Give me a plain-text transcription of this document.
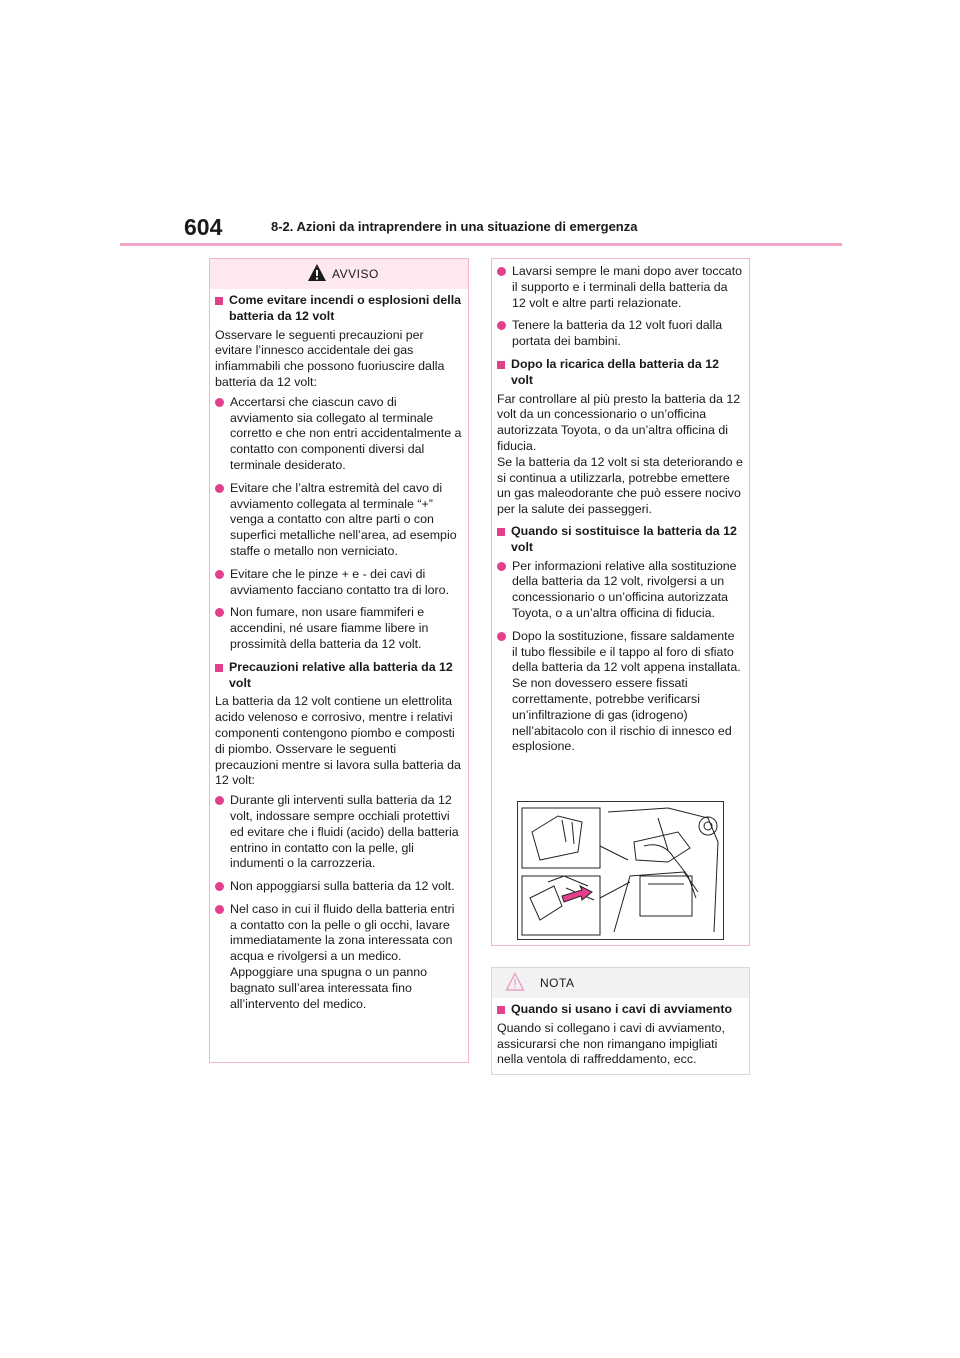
604	8-2. Azioni da intraprendere in una situazione di emergenza
AVVISO
Come evitare incendi o esplosioni della batteria da 12 volt

Osservare le seguenti precauzioni per evitare l’innesco accidentale dei gas infiammabili che possono fuoriuscire dalla batteria da 12 volt:

Accertarsi che ciascun cavo di avviamento sia collegato al terminale corretto e che non entri accidentalmente a contatto con componenti diversi dal terminale desiderato.
Evitare che l’altra estremità del cavo di avviamento collegata al terminale “+” venga a contatto con altre parti o con superfici metalliche nell’area, ad esempio staffe o metallo non verniciato.
Evitare che le pinze + e - dei cavi di avviamento facciano contatto tra di loro.
Non fumare, non usare fiammiferi e accendini, né usare fiamme libere in prossimità della batteria da 12 volt.
Precauzioni relative alla batteria da 12 volt

La batteria da 12 volt contiene un elettrolita acido velenoso e corrosivo, mentre i relativi componenti contengono piombo e composti di piombo. Osservare le seguenti precauzioni mentre si lavora sulla batteria da 12 volt:

Durante gli interventi sulla batteria da 12 volt, indossare sempre occhiali protettivi ed evitare che i fluidi (acido) della batteria entrino in contatto con la pelle, gli indumenti o la carrozzeria.
Non appoggiarsi sulla batteria da 12 volt.
Nel caso in cui il fluido della batteria entri a contatto con la pelle o gli occhi, lavare immediatamente la zona interessata con acqua e rivolgersi a un medico. Appoggiare una spugna o un panno bagnato sull’area interessata fino all’intervento del medico.
Lavarsi sempre le mani dopo aver toccato il supporto e i terminali della batteria da 12 volt e altre parti relazionate.
Tenere la batteria da 12 volt fuori dalla portata dei bambini.
Dopo la ricarica della batteria da 12 volt

Far controllare al più presto la batteria da 12 volt da un concessionario o un’officina autorizzata Toyota, o da un’altra officina di fiducia.

Se la batteria da 12 volt si sta deteriorando e si continua a utilizzarla, potrebbe emettere un gas maleodorante che può essere nocivo per la salute dei passeggeri.

Quando si sostituisce la batteria da 12 volt
Per informazioni relative alla sostituzione della batteria da 12 volt, rivolgersi a un concessionario o un’officina autorizzata Toyota, o a un’altra officina di fiducia.
Dopo la sostituzione, fissare saldamente il tubo flessibile e il tappo al foro di sfiato della batteria da 12 volt appena installata. Se non dovessero essere fissati correttamente, potrebbe verificarsi un’infiltrazione di gas (idrogeno) nell’abitacolo con il rischio di innesco ed esplosione.
NOTA
Quando si usano i cavi di avviamento

Quando si collegano i cavi di avviamento, assicurarsi che non rimangano impigliati nella ventola di raffreddamento, ecc.
